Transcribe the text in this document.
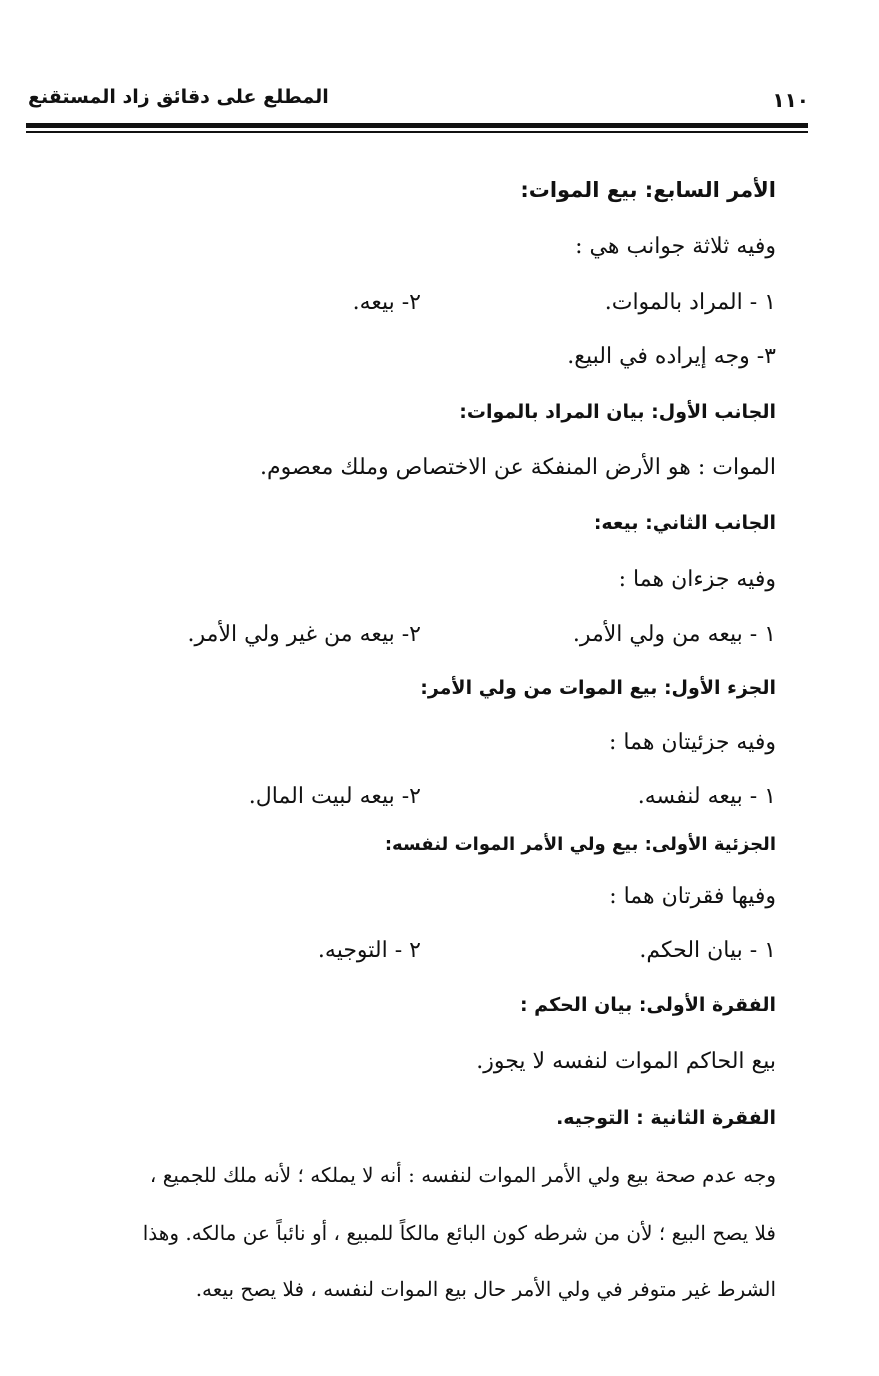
المطلع على دقائق زاد المستقنع	١١٠
الأمر السابع: بيع الموات:
وفيه ثلاثة جوانب هي :
١ - المراد بالموات.
٢- بيعه.
٣- وجه إيراده في البيع.
الجانب الأول: بيان المراد بالموات:
الموات : هو الأرض المنفكة عن الاختصاص وملك معصوم.
الجانب الثاني: بيعه:
وفيه جزءان هما :
١ - بيعه من ولي الأمر.
٢- بيعه من غير ولي الأمر.
الجزء الأول: بيع الموات من ولي الأمر:
وفيه جزئيتان هما :
١ - بيعه لنفسه.
٢- بيعه لبيت المال.
الجزئية الأولى: بيع ولي الأمر الموات لنفسه:
وفيها فقرتان هما :
١ - بيان الحكم.
٢ - التوجيه.
الفقرة الأولى: بيان الحكم :
بيع الحاكم الموات لنفسه لا يجوز.
الفقرة الثانية : التوجيه.
وجه عدم صحة بيع ولي الأمر الموات لنفسه : أنه لا يملكه ؛ لأنه ملك للجميع ،
فلا يصح البيع ؛ لأن من شرطه كون البائع مالكاً للمبيع ، أو نائباً عن مالكه. وهذا
الشرط غير متوفر في ولي الأمر حال بيع الموات لنفسه ، فلا يصح بيعه.
